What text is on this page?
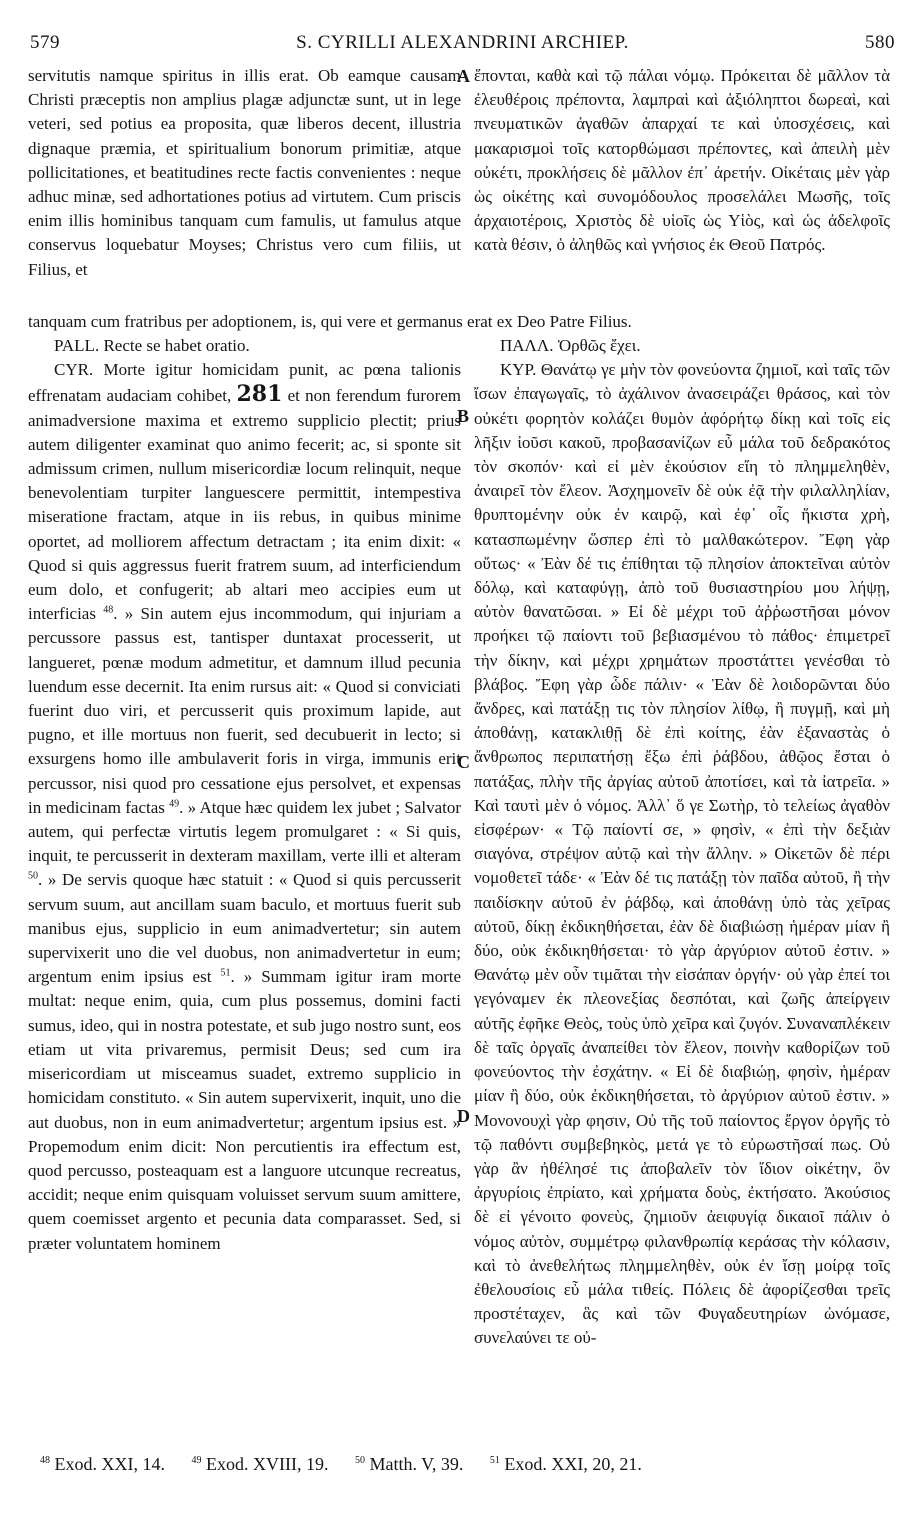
579	S. CYRILLI ALEXANDRINI ARCHIEP.	580
A
B
C
D

servitutis namque spiritus in illis erat. Ob eamque causam Christi præceptis non amplius plagæ adjunctæ sunt, ut in lege veteri, sed potius ea proposita, quæ liberos decent, illustria dignaque præmia, et spiritualium bonorum primitiæ, atque pollicitationes, et beatitudines recte factis convenientes : neque adhuc minæ, sed adhortationes potius ad virtutem. Cum priscis enim illis hominibus tanquam cum famulis, ut famulus atque conservus loquebatur Moyses; Christus vero cum filiis, ut Filius, et

ἕπονται, καθὰ καὶ τῷ πάλαι νόμῳ. Πρόκειται δὲ μᾶλλον τὰ ἐλευθέροις πρέποντα, λαμπραὶ καὶ ἀξιόληπτοι δωρεαὶ, καὶ πνευματικῶν ἀγαθῶν ἀπαρχαί τε καὶ ὑποσχέσεις, καὶ μακαρισμοὶ τοῖς κατορθώμασι πρέποντες, καὶ ἀπειλὴ μὲν οὐκέτι, προκλήσεις δὲ μᾶλλον ἐπ᾽ ἀρετήν. Οἰκέταις μὲν γὰρ ὡς οἰκέτης καὶ συνομόδουλος προσελάλει Μωσῆς, τοῖς ἀρχαιοτέροις, Χριστὸς δὲ υἱοῖς ὡς Υἱὸς, καὶ ὡς ἀδελφοῖς κατὰ θέσιν, ὁ ἀληθῶς καὶ γνήσιος ἐκ Θεοῦ Πατρός.

tanquam cum fratribus per adoptionem, is, qui vere et germanus erat ex Deo Patre Filius.

PALL. Recte se habet oratio.

CYR. Morte igitur homicidam punit, ac pœna talionis effrenatam audaciam cohibet, 281 et non ferendum furorem animadversione maxima et extremo supplicio plectit; prius autem diligenter examinat quo animo fecerit; ac, si sponte sit admissum crimen, nullum misericordiæ locum relinquit, neque benevolentiam turpiter languescere permittit, intempestiva miseratione fractam, atque in iis rebus, in quibus minime oportet, ad molliorem affectum detractam ; ita enim dixit: « Quod si quis aggressus fuerit fratrem suum, ad interficiendum eum dolo, et confugerit; ab altari meo accipies eum ut interficias $^{48}$. » Sin autem ejus incommodum, qui injuriam a percussore passus est, tantisper duntaxat processerit, ut langueret, pœnæ modum admetitur, et damnum illud pecunia luendum esse decernit. Ita enim rursus ait: « Quod si conviciati fuerint duo viri, et percusserit quis proximum lapide, aut pugno, et ille mortuus non fuerit, sed decubuerit in lecto; si exsurgens homo ille ambulaverit foris in virga, immunis erit percussor, nisi quod pro cessatione ejus persolvet, et expensas in medicinam factas $^{49}$. » Atque hæc quidem lex jubet ; Salvator autem, qui perfectæ virtutis legem promulgaret : « Si quis, inquit, te percusserit in dexteram maxillam, verte illi et alteram $^{50}$. » De servis quoque hæc statuit : « Quod si quis percusserit servum suum, aut ancillam suam baculo, et mortuus fuerit sub manibus ejus, supplicio in eum animadvertetur; sin autem supervixerit uno die vel duobus, non animadvertetur in eum; argentum enim ipsius est $^{51}$. » Summam igitur iram morte multat: neque enim, quia, cum plus possemus, domini facti sumus, ideo, qui in nostra potestate, et sub jugo nostro sunt, eos etiam ut vita privaremus, permisit Deus; sed cum ira misericordiam ut misceamus suadet, extremo supplicio in homicidam constituto. « Sin autem supervixerit, inquit, uno die aut duobus, non in eum animadvertetur; argentum ipsius est. » Propemodum enim dicit: Non percutientis ira effectum est, quod percusso, posteaquam est a languore utcunque recreatus, accidit; neque enim quisquam voluisset servum suum amittere, quem coemisset argento et pecunia data comparasset. Sed, si præter voluntatem hominem

ΠΑΛΛ. Ὀρθῶς ἔχει.

ΚΥΡ. Θανάτῳ γε μὴν τὸν φονεύοντα ζημιοῖ, καὶ ταῖς τῶν ἴσων ἐπαγωγαῖς, τὸ ἀχάλινον ἀνασειράζει θράσος, καὶ τὸν οὐκέτι φορητὸν κολάζει θυμὸν ἀφόρήτῳ δίκῃ καὶ τοῖς εἰς λῆξιν ἰοῦσι κακοῦ, προβασανίζων εὖ μάλα τοῦ δεδρακότος τὸν σκοπόν· καὶ εἰ μὲν ἑκούσιον εἴη τὸ πλημμεληθὲν, ἀναιρεῖ τὸν ἔλεον. Ἀσχημονεῖν δὲ οὐκ ἐᾷ τὴν φιλαλληλίαν, θρυπτομένην οὐκ ἐν καιρῷ, καὶ ἐφ᾽ οἷς ἥκιστα χρὴ, κατασπωμένην ὥσπερ ἐπὶ τὸ μαλθακώτερον. Ἔφη γὰρ οὕτως· « Ἐὰν δέ τις ἐπίθηται τῷ πλησίον ἀποκτεῖναι αὐτὸν δόλῳ, καὶ καταφύγῃ, ἀπὸ τοῦ θυσιαστηρίου μου λήψῃ, αὐτὸν θανατῶσαι. » Εἰ δὲ μέχρι τοῦ ἀῤῥωστῆσαι μόνον προήκει τῷ παίοντι τοῦ βεβιασμένου τὸ πάθος· ἐπιμετρεῖ τὴν δίκην, καὶ μέχρι χρημάτων προστάττει γενέσθαι τὸ βλάβος. Ἔφη γὰρ ὧδε πάλιν· « Ἐὰν δὲ λοιδορῶνται δύο ἄνδρες, καὶ πατάξῃ τις τὸν πλησίον λίθῳ, ἢ πυγμῇ, καὶ μὴ ἀποθάνῃ, κατακλιθῇ δὲ ἐπὶ κοίτης, ἐὰν ἐξαναστὰς ὁ ἄνθρωπος περιπατήσῃ ἔξω ἐπὶ ῥάβδου, ἀθῷος ἔσται ὁ πατάξας, πλὴν τῆς ἀργίας αὐτοῦ ἀποτίσει, καὶ τὰ ἰατρεῖα. » Καὶ ταυτὶ μὲν ὁ νόμος. Ἀλλ᾽ ὅ γε Σωτὴρ, τὸ τελείως ἀγαθὸν εἰσφέρων· « Τῷ παίοντί σε, » φησὶν, « ἐπὶ τὴν δεξιὰν σιαγόνα, στρέψον αὐτῷ καὶ τὴν ἄλλην. » Οἰκετῶν δὲ πέρι νομοθετεῖ τάδε· « Ἐὰν δέ τις πατάξῃ τὸν παῖδα αὐτοῦ, ἢ τὴν παιδίσκην αὐτοῦ ἐν ῥάβδῳ, καὶ ἀποθάνῃ ὑπὸ τὰς χεῖρας αὐτοῦ, δίκῃ ἐκδικηθήσεται, ἐὰν δὲ διαβιώσῃ ἡμέραν μίαν ἢ δύο, οὐκ ἐκδικηθήσεται· τὸ γὰρ ἀργύριον αὐτοῦ ἐστιν. » Θανάτῳ μὲν οὖν τιμᾶται τὴν εἰσάπαν ὀργήν· οὐ γὰρ ἐπεί τοι γεγόναμεν ἐκ πλεονεξίας δεσπόται, καὶ ζωῆς ἀπείργειν αὐτῆς ἐφῆκε Θεὸς, τοὺς ὑπὸ χεῖρα καὶ ζυγόν. Συναναπλέκειν δὲ ταῖς ὀργαῖς ἀναπείθει τὸν ἔλεον, ποινὴν καθορίζων τοῦ φονεύοντος τὴν ἐσχάτην. « Εἰ δὲ διαβιώῃ, φησὶν, ἡμέραν μίαν ἢ δύο, οὐκ ἐκδικηθήσεται, τὸ ἀργύριον αὐτοῦ ἐστιν. » Μονονουχὶ γὰρ φησιν, Οὐ τῆς τοῦ παίοντος ἔργον ὀργῆς τὸ τῷ παθόντι συμβεβηκὸς, μετά γε τὸ εὐρωστῆσαί πως. Οὐ γὰρ ἂν ἠθέλησέ τις ἀποβαλεῖν τὸν ἴδιον οἰκέτην, ὃν ἀργυρίοις ἐπρίατο, καὶ χρήματα δοὺς, ἐκτήσατο. Ἀκούσιος δὲ εἰ γένοιτο φονεὺς, ζημιοῦν ἀειφυγίᾳ δικαιοῖ πάλιν ὁ νόμος αὐτὸν, συμμέτρῳ φιλανθρωπίᾳ κεράσας τὴν κόλασιν, καὶ τὸ ἀνεθελήτως πλημμεληθὲν, οὐκ ἐν ἴσῃ μοίρᾳ τοῖς ἐθελουσίοις εὖ μάλα τιθείς. Πόλεις δὲ ἀφορίζεσθαι τρεῖς προστέταχεν, ἃς καὶ τῶν Φυγαδευτηρίων ὠνόμασε, συνελαύνει τε οὐ-

$^{48}$ Exod. XXI, 14.	$^{49}$ Exod. XVIII, 19.	$^{50}$ Matth. V, 39.	$^{51}$ Exod. XXI, 20, 21.
